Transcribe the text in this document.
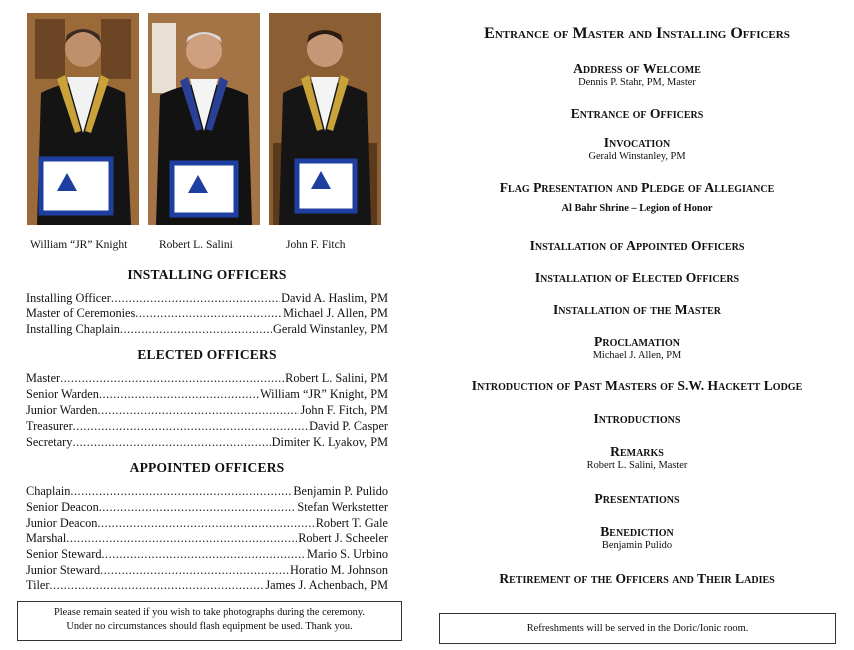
William “JR” Knight	Robert L. Salini	John F. Fitch
INSTALLING OFFICERS
Installing Officer .....	David A. Haslim, PM
Master of Ceremonies .....	Michael J. Allen, PM
Installing Chaplain .....	Gerald Winstanley, PM
ELECTED OFFICERS
Master .....	Robert L. Salini, PM
Senior Warden .....	William “JR” Knight, PM
Junior Warden .....	John F. Fitch, PM
Treasurer .....	David P. Casper
Secretary .....	Dimiter K. Lyakov, PM
APPOINTED OFFICERS
Chaplain .....	Benjamin P. Pulido
Senior Deacon .....	Stefan Werkstetter
Junior Deacon .....	Robert T. Gale
Marshal .....	Robert J. Scheeler
Senior Steward .....	Mario S. Urbino
Junior Steward .....	Horatio M. Johnson
Tiler .....	James J. Achenbach, PM
Please remain seated if you wish to take photographs during the ceremony.
Under no circumstances should flash equipment be used. Thank you.
Entrance of Master and Installing Officers
Address of Welcome
Dennis P. Stahr, PM, Master
Entrance of Officers
Invocation
Gerald Winstanley, PM
Flag Presentation and Pledge of Allegiance
Al Bahr Shrine – Legion of Honor
Installation of Appointed Officers
Installation of Elected Officers
Installation of the Master
Proclamation
Michael J. Allen, PM
Introduction of Past Masters of S.W. Hackett Lodge
Introductions
Remarks
Robert L. Salini, Master
Presentations
Benediction
Benjamin Pulido
Retirement of the Officers and Their Ladies
Refreshments will be served in the Doric/Ionic room.
